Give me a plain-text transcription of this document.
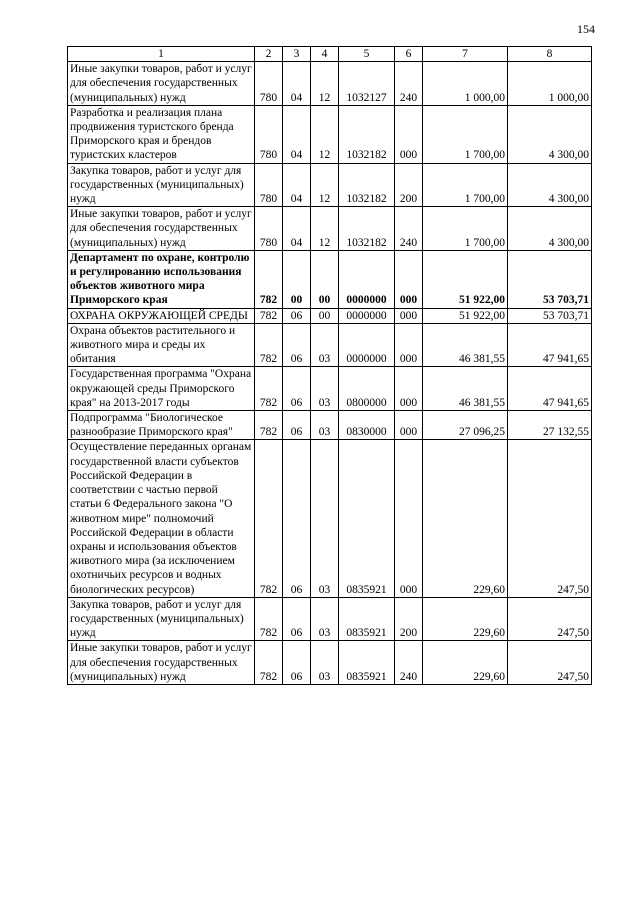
154
1	2	3	4	5	6	7	8
Иные закупки товаров, работ и услуг для обеспечения государственных (муниципальных) нужд	780	04	12	1032127	240	1 000,00	1 000,00
Разработка и реализация плана продвижения туристского бренда Приморского края и брендов туристских кластеров	780	04	12	1032182	000	1 700,00	4 300,00
Закупка товаров, работ и услуг для государственных (муниципальных) нужд	780	04	12	1032182	200	1 700,00	4 300,00
Иные закупки товаров, работ и услуг для обеспечения государственных (муниципальных) нужд	780	04	12	1032182	240	1 700,00	4 300,00
Департамент по охране, контролю и регулированию использования объектов животного мира Приморского края	782	00	00	0000000	000	51 922,00	53 703,71
ОХРАНА ОКРУЖАЮЩЕЙ СРЕДЫ	782	06	00	0000000	000	51 922,00	53 703,71
Охрана объектов растительного и животного мира и среды их обитания	782	06	03	0000000	000	46 381,55	47 941,65
Государственная программа "Охрана окружающей среды Приморского края" на 2013-2017 годы	782	06	03	0800000	000	46 381,55	47 941,65
Подпрограмма "Биологическое разнообразие Приморского края"	782	06	03	0830000	000	27 096,25	27 132,55
Осуществление переданных органам государственной власти субъектов Российской Федерации в соответствии с частью первой статьи 6 Федерального закона "О животном мире" полномочий Российской Федерации в области охраны и использования объектов животного мира (за исключением охотничьих ресурсов и водных биологических ресурсов)	782	06	03	0835921	000	229,60	247,50
Закупка товаров, работ и услуг для государственных (муниципальных) нужд	782	06	03	0835921	200	229,60	247,50
Иные закупки товаров, работ и услуг для обеспечения государственных (муниципальных) нужд	782	06	03	0835921	240	229,60	247,50
